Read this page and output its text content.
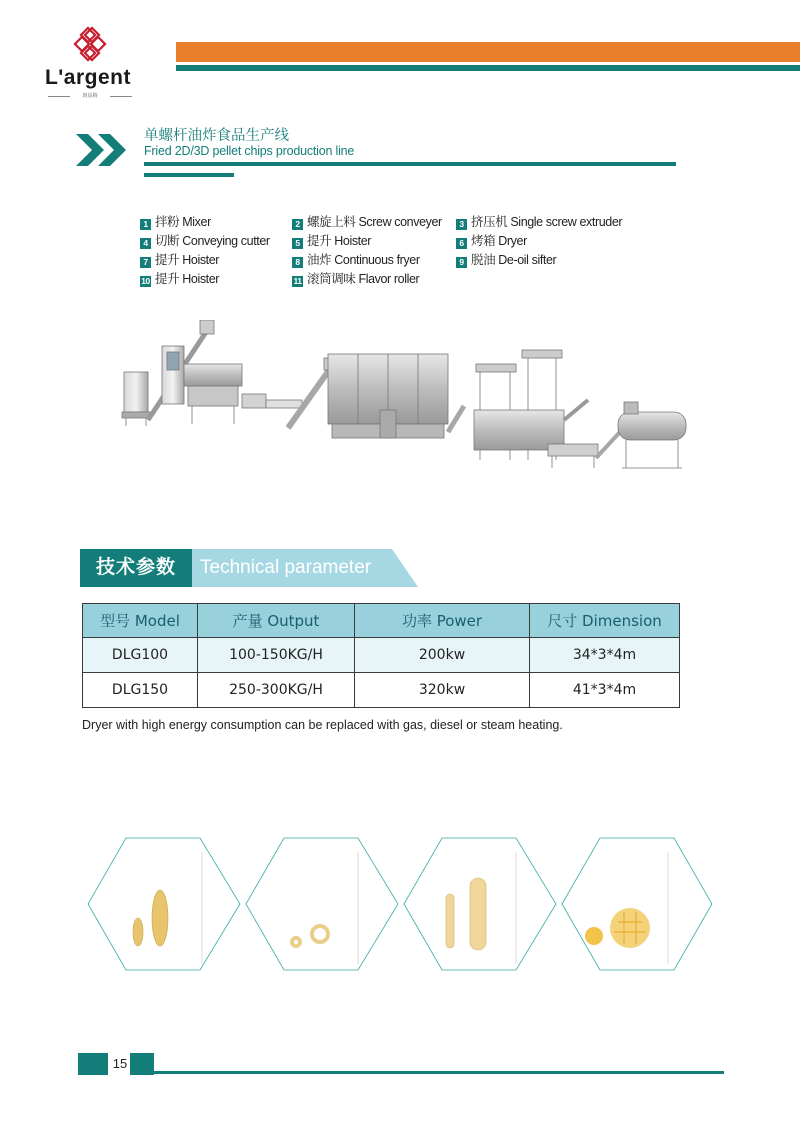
L'argent
朗晨腾
单螺杆油炸食品生产线
Fried 2D/3D pellet chips production line
1 拌粉 Mixer	2 螺旋上料 Screw conveyer	3 挤压机 Single screw extruder
4 切断 Conveying cutter	5 提升 Hoister	6 烤箱 Dryer
7 提升 Hoister	8 油炸 Continuous fryer	9 脱油 De-oil sifter
10 提升 Hoister	11 滚筒调味 Flavor roller
技术参数	Technical parameter
型号 Model	产量 Output	功率 Power	尺寸 Dimension
DLG100	100-150KG/H	200kw	34*3*4m
DLG150	250-300KG/H	320kw	41*3*4m
Dryer with high energy consumption can be replaced with gas, diesel or steam heating.
15
